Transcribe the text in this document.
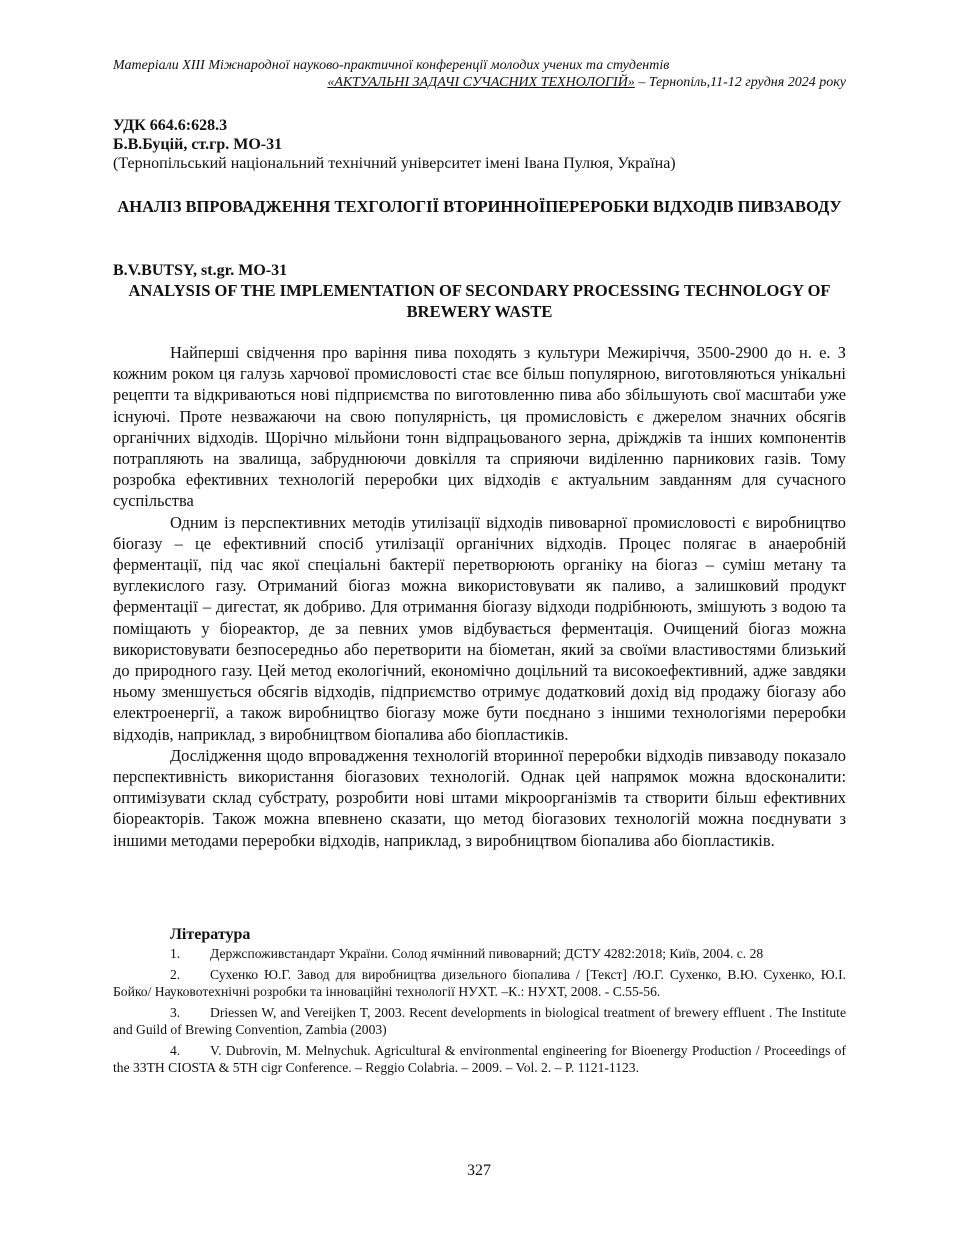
Матеріали XIII Міжнародної науково-практичної конференції молодих учених та студентів
«АКТУАЛЬНІ ЗАДАЧІ СУЧАСНИХ ТЕХНОЛОГІЙ» – Тернопіль,11-12 грудня 2024 року
УДК 664.6:628.3
Б.В.Буцій, ст.гр. МО-31
(Тернопільський національний технічний університет імені Івана Пулюя, Україна)
АНАЛІЗ ВПРОВАДЖЕННЯ ТЕХГОЛОГІЇ ВТОРИННОЇПЕРЕРОБКИ ВІДХОДІВ ПИВЗАВОДУ
B.V.BUTSY, st.gr. MO-31
ANALYSIS OF THE IMPLEMENTATION OF SECONDARY PROCESSING TECHNOLOGY OF BREWERY WASTE

Найперші свідчення про варіння пива походять з культури Межиріччя, 3500-2900 до н. е. З кожним роком ця галузь харчової промисловості стає все більш популярною, виготовляються унікальні рецепти та відкриваються нові підприємства по виготовленню пива або збільшують свої масштаби уже існуючі. Проте незважаючи на свою популярність, ця промисловість є джерелом значних обсягів органічних відходів. Щорічно мільйони тонн відпрацьованого зерна, дріжджів та інших компонентів потрапляють на звалища, забруднюючи довкілля та сприяючи виділенню парникових газів. Тому розробка ефективних технологій переробки цих відходів є актуальним завданням для сучасного суспільства

Одним із перспективних методів утилізації відходів пивоварної промисловості є виробництво біогазу – це ефективний спосіб утилізації органічних відходів. Процес полягає в анаеробній ферментації, під час якої спеціальні бактерії перетворюють органіку на біогаз – суміш метану та вуглекислого газу. Отриманий біогаз можна використовувати як паливо, а залишковий продукт ферментації – дигестат, як добриво. Для отримання біогазу відходи подрібнюють, змішують з водою та поміщають у біореактор, де за певних умов відбувається ферментація. Очищений біогаз можна використовувати безпосередньо або перетворити на біометан, який за своїми властивостями близький до природного газу. Цей метод екологічний, економічно доцільний та високоефективний, адже завдяки ньому зменшується обсягів відходів, підприємство отримує додатковий дохід від продажу біогазу або електроенергії, а також виробництво біогазу може бути поєднано з іншими технологіями переробки відходів, наприклад, з виробництвом біопалива або біопластиків.

Дослідження щодо впровадження технологій вторинної переробки відходів пивзаводу показало перспективність використання біогазових технологій. Однак цей напрямок можна вдосконалити: оптимізувати склад субстрату, розробити нові штами мікроорганізмів та створити більш ефективних біореакторів. Також можна впевнено сказати, що метод біогазових технологій можна поєднувати з іншими методами переробки відходів, наприклад, з виробництвом біопалива або біопластиків.

Література

1. Держспоживстандарт України. Солод ячмінний пивоварний; ДСТУ 4282:2018; Київ, 2004. с. 28

2. Сухенко Ю.Г. Завод для виробництва дизельного біопалива / [Текст] /Ю.Г. Сухенко, В.Ю. Сухенко, Ю.І. Бойко/ Науковотехнічні розробки та інноваційні технології НУХТ. –К.: НУХТ, 2008. - С.55-56.

3. Driessen W, and Vereijken T, 2003. Recent developments in biological treatment of brewery effluent . The Institute and Guild of Brewing Convention, Zambia (2003)

4. V. Dubrovin, M. Melnychuk. Agricultural & environmental engineering for Bioenergy Production / Proceedings of the 33TH CIOSTA & 5TH cigr Conference. – Reggio Colabria. – 2009. – Vol. 2. – P. 1121-1123.

327
